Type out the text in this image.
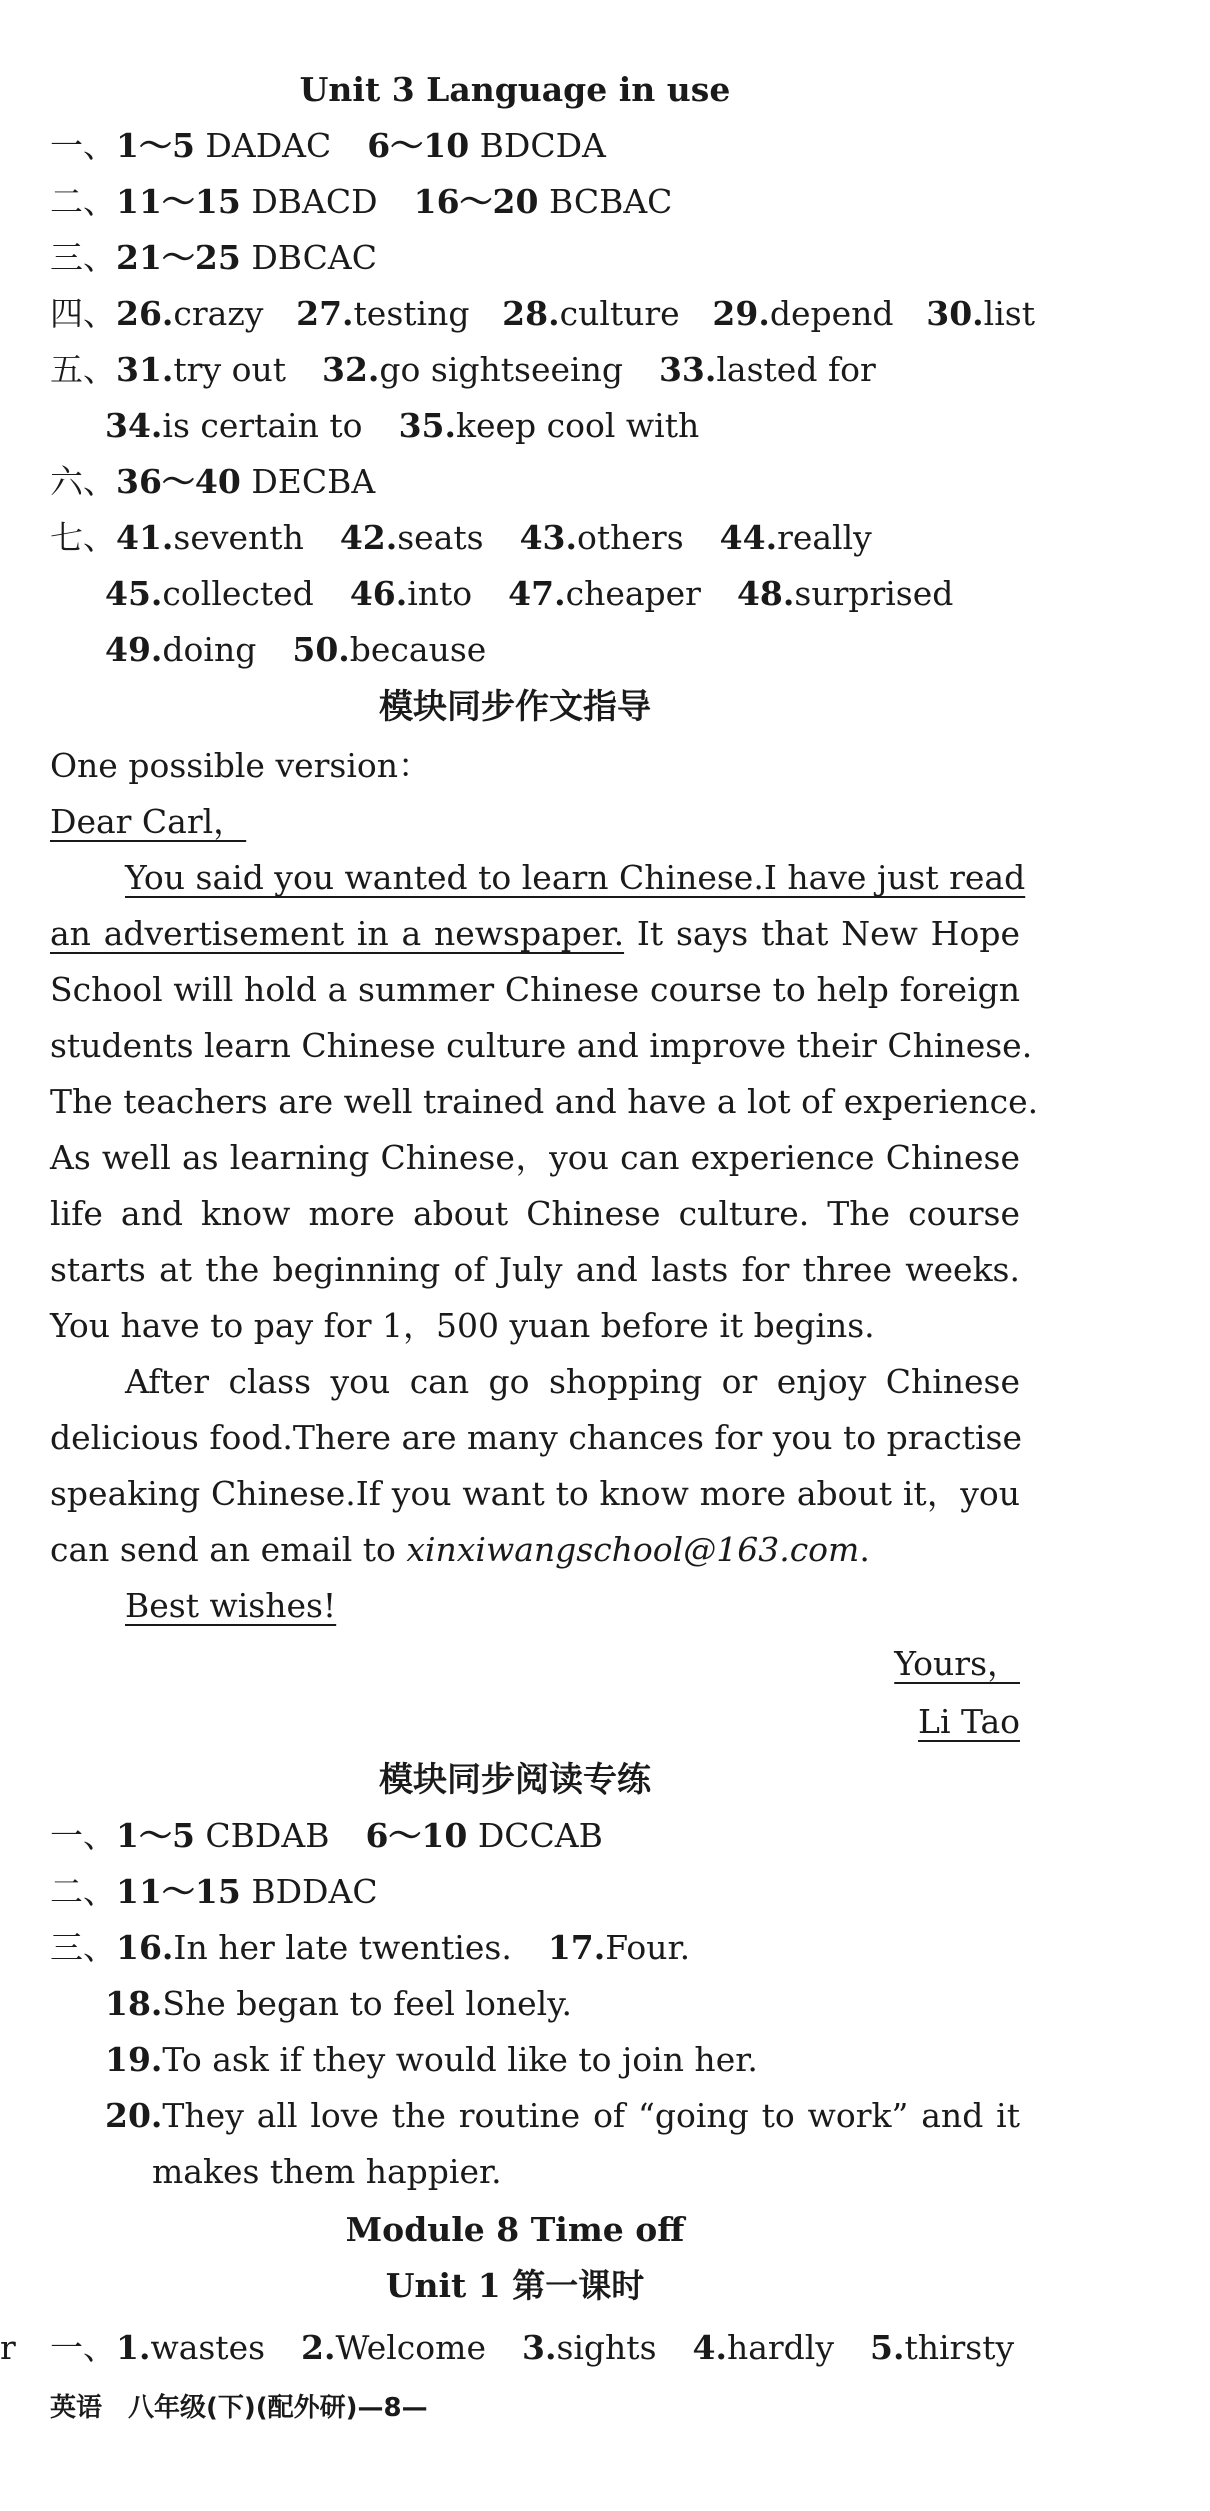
Unit 3 Language in use
一、1～5 DADAC 6～10 BDCDA
二、11～15 DBACD 16～20 BCBAC
三、21～25 DBCAC
四、26.crazy 27.testing 28.culture 29.depend 30.list
五、31.try out 32.go sightseeing 33.lasted for
34.is certain to 35.keep cool with
六、36～40 DECBA
七、41.seventh 42.seats 43.others 44.really
45.collected 46.into 47.cheaper 48.surprised
49.doing 50.because
模块同步作文指导
One possible version：
Dear Carl，
You said you wanted to learn Chinese.I have just read
an advertisement in a newspaper. It says that New Hope
School will hold a summer Chinese course to help foreign
students learn Chinese culture and improve their Chinese.
The teachers are well trained and have a lot of experience.
As well as learning Chinese，you can experience Chinese
life and know more about Chinese culture. The course
starts at the beginning of July and lasts for three weeks.
You have to pay for 1，500 yuan before it begins.
After class you can go shopping or enjoy Chinese
delicious food.There are many chances for you to practise
speaking Chinese.If you want to know more about it，you
can send an email to xinxiwangschool@163.com.
Best wishes!
Yours，
Li Tao
模块同步阅读专练
一、1～5 CBDAB 6～10 DCCAB
二、11～15 BDDAC
三、16.In her late twenties. 17.Four.
18.She began to feel lonely.
19.To ask if they would like to join her.
20. They all love the routine of “going to work” and it
makes them happier.
Module 8 Time off
Unit 1 第一课时
r 一、1.wastes 2.Welcome 3.sights 4.hardly 5.thirsty
英语　八年级(下)(配外研)—8—
